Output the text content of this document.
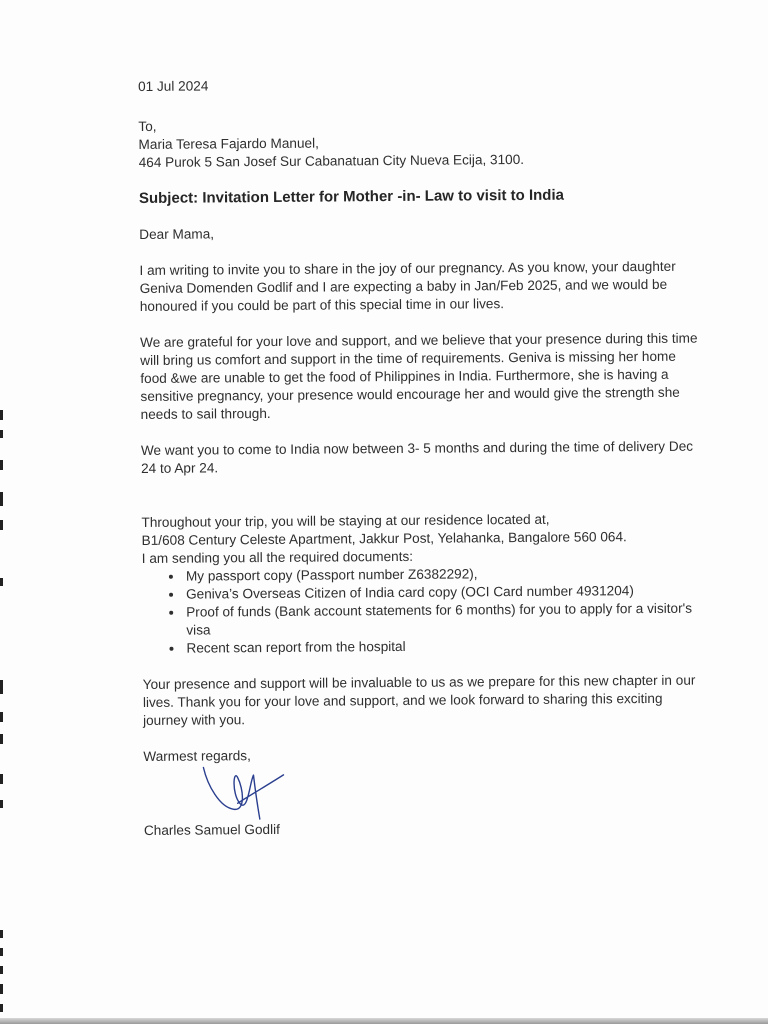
01 Jul 2024

To,

Maria Teresa Fajardo Manuel,

464 Purok 5 San Josef Sur Cabanatuan City Nueva Ecija, 3100.

Subject: Invitation Letter for Mother -in- Law to visit to India

Dear Mama,

I am writing to invite you to share in the joy of our pregnancy. As you know, your daughter Geniva Domenden Godlif and I are expecting a baby in Jan/Feb 2025, and we would be honoured if you could be part of this special time in our lives.

We are grateful for your love and support, and we believe that your presence during this time will bring us comfort and support in the time of requirements. Geniva is missing her home food &we are unable to get the food of Philippines in India. Furthermore, she is having a sensitive pregnancy, your presence would encourage her and would give the strength she needs to sail through.

We want you to come to India now between 3- 5 months and during the time of delivery Dec 24 to Apr 24.

Throughout your trip, you will be staying at our residence located at,

B1/608 Century Celeste Apartment, Jakkur Post, Yelahanka, Bangalore 560 064.

I am sending you all the required documents:

• My passport copy (Passport number Z6382292),
• Geniva’s Overseas Citizen of India card copy (OCI Card number 4931204)
• Proof of funds (Bank account statements for 6 months) for you to apply for a visitor's visa
• Recent scan report from the hospital

Your presence and support will be invaluable to us as we prepare for this new chapter in our lives. Thank you for your love and support, and we look forward to sharing this exciting journey with you.

Warmest regards,

Charles Samuel Godlif
